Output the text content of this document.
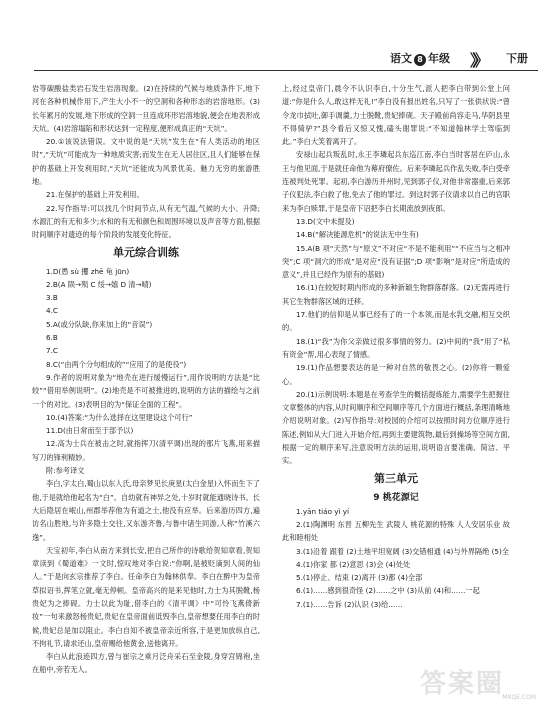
语文 8 年级 》》 下册

岩等碳酸盐类岩石发生岩溶现象。(2)在持续的气候与地质条件下,地下河在各种机械作用下,产生大小不一的空洞和各种形态的岩溶地形。(3)长年累月的发展,地下形成的空洞一旦连成环形岩溶地貌,便会在地表形成天坑。(4)岩溶塌陷和形状达到一定程度,便形成真正的“天坑”。

20.①该说法错误。文中说的是“天坑”发生在“有人类活动的地区时”,“天坑”可能成为一种地质灾害;而发生在无人居住区,且人们能够在保护的基础上开发利用时,“天坑”还能成为风景优美、魅力无穷的旅游胜地。

21.在保护的基础上开发利用。

22.写作指导:可以找几个时间节点,从有无气温,气候的大小、升降;水源汇的有无和多少;水和的有无和颜色和周围环境以及声音等方面,根据时间顺序对遗迹的每个阶段的发展变化特征。

单元综合训练

1.D(愚 sù 攫 zhē 龟 jūn)

2.B(A 陨→殒 C 绥→嬉 D 清→晴)

3.B

4.C

5.A(或分队缺,你来加上的“音误”)

6.B

7.C

8.C(“由两个分句组成的”“应用了的是使役”)

9.作者的说明对象为“地壳在进行缓慢运行”,用作说明的方法是“比较”“借用举例说明”。(2)地壳是不可被推进的,说明的方法的描绘与之前一个的对比。(3)表明目的为“保证全面的工程”。

10.(4)答案:“为什么选择在这里建设这个可行”

11.D(由日常而至于部予以)

12.高为士兵在被击之时,就指挥刀(清平调)出现的那片飞燕,用来描写刀的锋利精妙。

附:参考译文

李白,字太白,蜀山以东人氏,母亲梦见长庚星(太白金星)入怀而生下了他,于是就给他起名为“白”。自幼就有神异之处,十岁时就能通晓诗书。长大后隐居在岷山,州郡举荐他为有道之士,他没有应举。后来游历四方,遍访名山胜地,与许多隐士交往,又东游齐鲁,与鲁中诸生同游,人称“竹溪六逸”。

天宝初年,李白从南方来到长安,把自己所作的诗歌给贺知章看,贺知章读到《蜀道难》一文时,惊叹地对李白说:“你啊,是被贬谪到人间的仙人。”于是向玄宗推荐了李白。任命李白为翰林供奉。李白在醉中为皇帝草拟诏书,挥笔立就,毫无停顿。皇帝高兴的是来见他时,力士为其脱靴,杨贵妃为之捧砚。力士以此为耻,借李白的《清平调》中“可怜飞燕倚新妆”一句来激怒杨贵妃,贵妃在皇帝面前诋毁李白,皇帝想要任用李白的时候,贵妃总是加以阻止。李白自知不被皇帝亲近所容,于是更加放纵自己,不拘礼节,请求还山,皇帝赐给他黄金,送他离开。

李白从此浪迹四方,曾与崔宗之乘月泛舟采石至金陵,身穿宫锦袍,坐在船中,旁若无人。

上,经过皇帝门,晨令不认识李白,十分生气,派人把李白带到公堂上问道:“你是什么人,敢这样无礼!”李白没有报出姓名,只写了一张供状说:“曾令龙巾拭吐,御手调羹,力士脱靴,贵妃捧砚。天子殿前尚容走马,华阴县里不得骑驴?”县令看后又惊又愧,磕头谢罪说:“不知道翰林学士驾临到此。”李白大笑着离开了。

安禄山起兵叛乱时,永王李璘起兵东巡江南,李白当时客居在庐山,永王与他见面,于是就任命他为幕府僚佐。后来李璘起兵作乱失败,李白受牵连被判处死罪。起初,李白游历并州时,见到郭子仪,对他非常器重,后来郭子仪犯法,李白救了他,免去了他的罪过。到这时郭子仪请求以自己的官职来为李白赎罪,于是皇帝下诏把李白长期流放到夜郎。

13.D(文中未提及)

14.B(“解决能源危机”的说法无中生有)

15.A(B 项“天然”与“原文”不对应“不是不能利用”“不应当与之相冲突”;C 项“洞穴的形成”是对应“没有证据”;D 项“影响”是对应“所造成的意义”,并且已经作为原有的基础)

16.(1)在较短时期内形成的多种新颖生物群落群落。(2)无需再进行其它生物群落区域的迁移。

17.他们的信仰是从事已经有了的一个本领,而是水乳交融,相互交织的。

18.(1)“我”为你父亲做过很多事情的努力。(2)中间的“我”用了“私有资金”帮,用心表现了情感。

19.(1)作品想要表达的是一种对自然的敬畏之心。(2)你将一颗爱心。

20.(1)示例说明:本题是在考查学生的概括提炼能力,需要学生把握住文章整体的内容,从时间顺序和空间顺序等几个方面进行概括,条理清晰地介绍说明对象。(2)写作指导:对校园的介绍可以按照时间方位顺序进行陈述,例如从大门进入开始介绍,再到主要建筑物,最后到操场等空间方面,根据一定的顺序来写,注意说明方法的运用,说明语言要准确、简洁、平实。

第三单元
9 桃花源记

1.yān tiáo yì yí

2.(1)陶渊明 东晋 五柳先生 武陵人 桃花源的特殊 人人安居乐业 故此和睦相处

3.(1)沿着 跟着 (2)土地平坦宽阔 (3)交错相通 (4)与外界隔绝 (5)全

4.(1)你家 都 (2)意思 (3)会 (4)处处

5.(1)停止、结束 (2)离开 (3)都 (4)全部

6.(1)……感到很奇怪 (2)……之中 (3)从前 (4)和……一起

7.(1)……告诉 (2)认识 (3)给……

答案圈
MXQE.COM
